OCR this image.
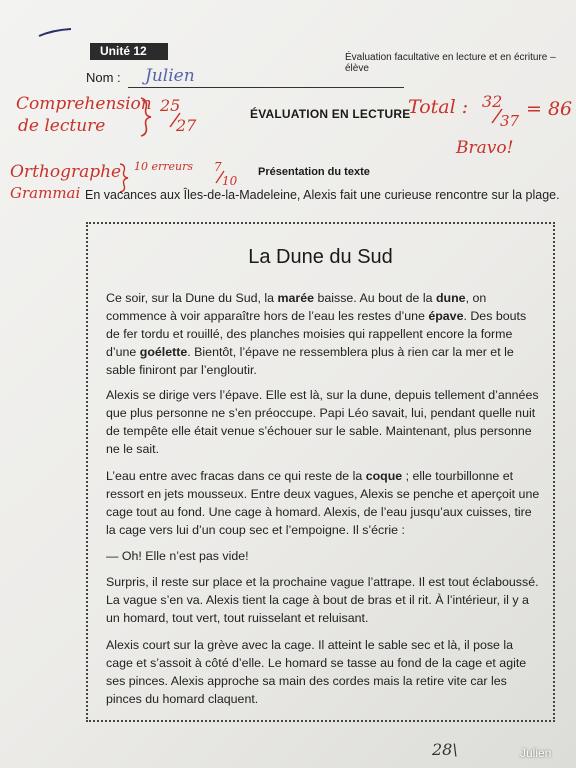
Unité 12	Évaluation facultative en lecture et en écriture – élève
Nom : Julien
Comprehension
de lecture
25
27
ÉVALUATION EN LECTURE
Total : 32
37
= 86
Bravo!
Orthographe
Grammai
10 erreurs 7
10
Présentation du texte
En vacances aux Îles-de-la-Madeleine, Alexis fait une curieuse rencontre sur la plage.
La Dune du Sud
Ce soir, sur la Dune du Sud, la marée baisse. Au bout de la dune, on commence à voir apparaître hors de l’eau les restes d’une épave. Des bouts de fer tordu et rouillé, des planches moisies qui rappellent encore la forme d’une goélette. Bientôt, l’épave ne ressemblera plus à rien car la mer et le sable finiront par l’engloutir.
Alexis se dirige vers l’épave. Elle est là, sur la dune, depuis tellement d’années que plus personne ne s’en préoccupe. Papi Léo savait, lui, pendant quelle nuit de tempête elle était venue s’échouer sur le sable. Maintenant, plus personne ne le sait.
L’eau entre avec fracas dans ce qui reste de la coque ; elle tourbillonne et ressort en jets mousseux. Entre deux vagues, Alexis se penche et aperçoit une cage tout au fond. Une cage à homard. Alexis, de l’eau jusqu’aux cuisses, tire la cage vers lui d’un coup sec et l’empoigne. Il s’écrie :
— Oh! Elle n’est pas vide!
Surpris, il reste sur place et la prochaine vague l’attrape. Il est tout éclaboussé. La vague s’en va. Alexis tient la cage à bout de bras et il rit. À l’intérieur, il y a un homard, tout vert, tout ruisselant et reluisant.
Alexis court sur la grève avec la cage. Il atteint le sable sec et là, il pose la cage et s’assoit à côté d’elle. Le homard se tasse au fond de la cage et agite ses pinces. Alexis approche sa main des cordes mais la retire vite car les pinces du homard claquent.
28\	Julien
